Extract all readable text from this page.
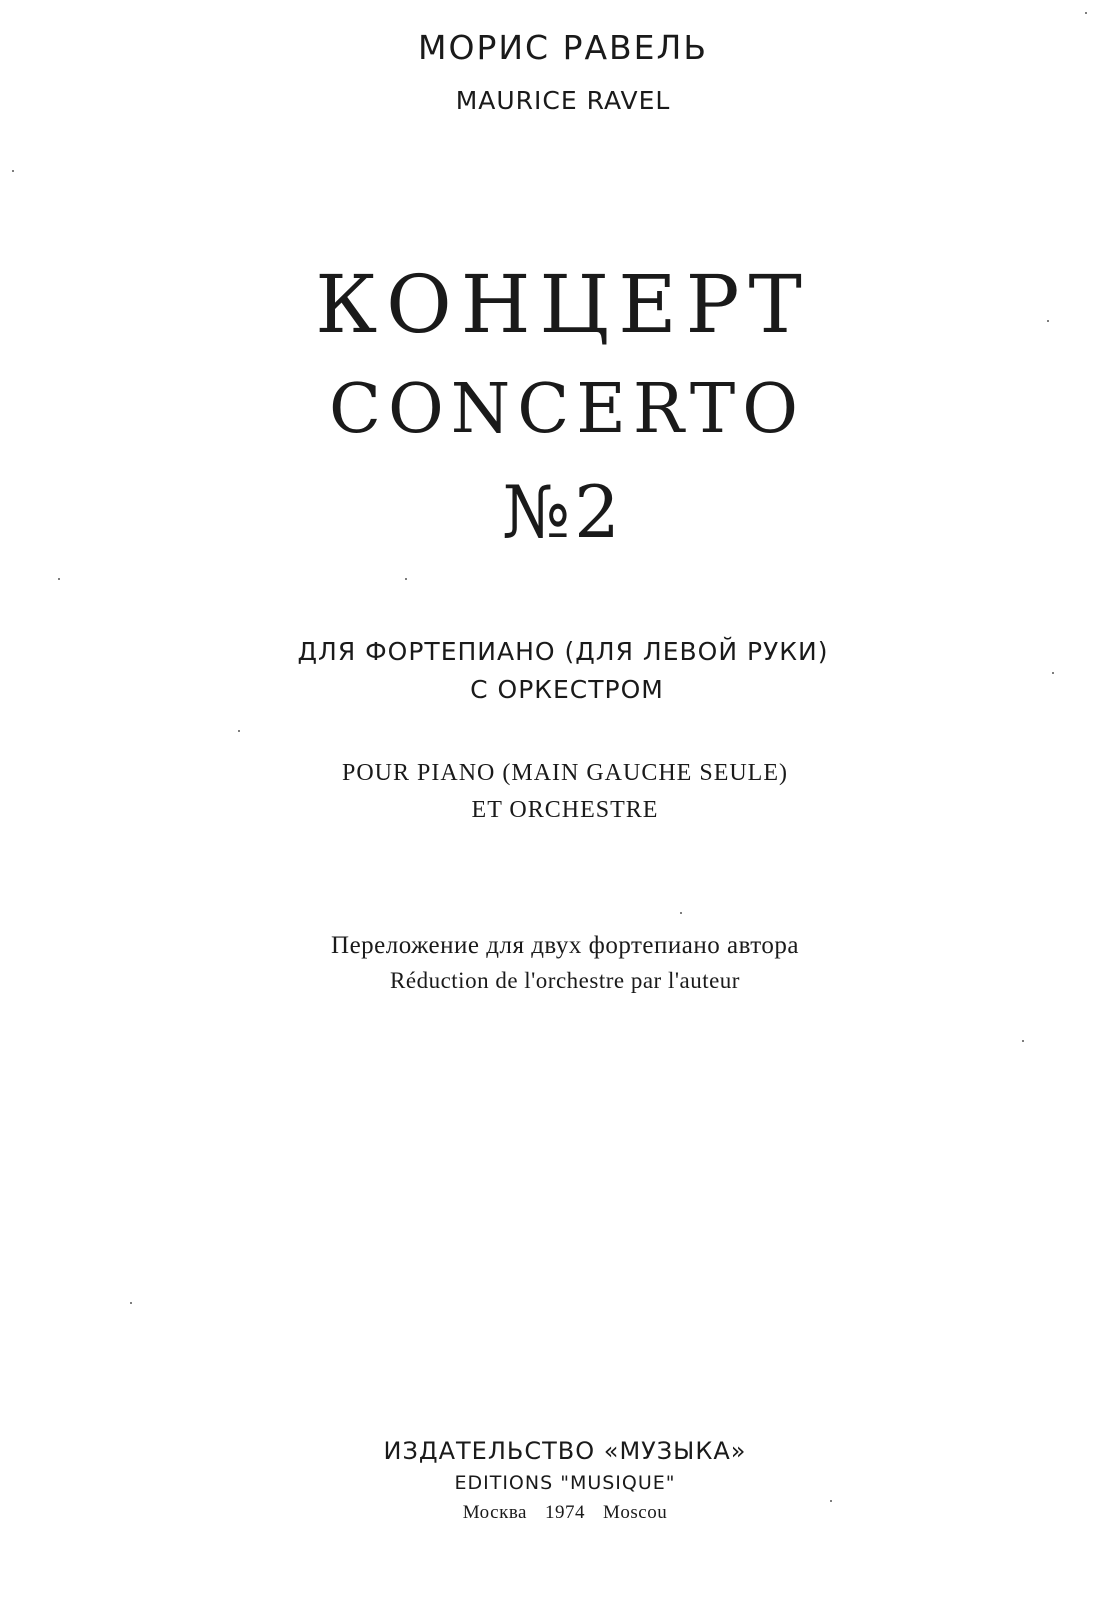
МОРИС РАВЕЛЬ
MAURICE RAVEL
КОНЦЕРТ
CONCERTO
№2
ДЛЯ ФОРТЕПИАНО (ДЛЯ ЛЕВОЙ РУКИ)
С ОРКЕСТРОМ
POUR PIANO (MAIN GAUCHE SEULE)
ET ORCHESTRE
Переложение для двух фортепиано автора
Réduction de l'orchestre par l'auteur
ИЗДАТЕЛЬСТВО «МУЗЫКА»
EDITIONS "MUSIQUE"
Москва 1974 Moscou
